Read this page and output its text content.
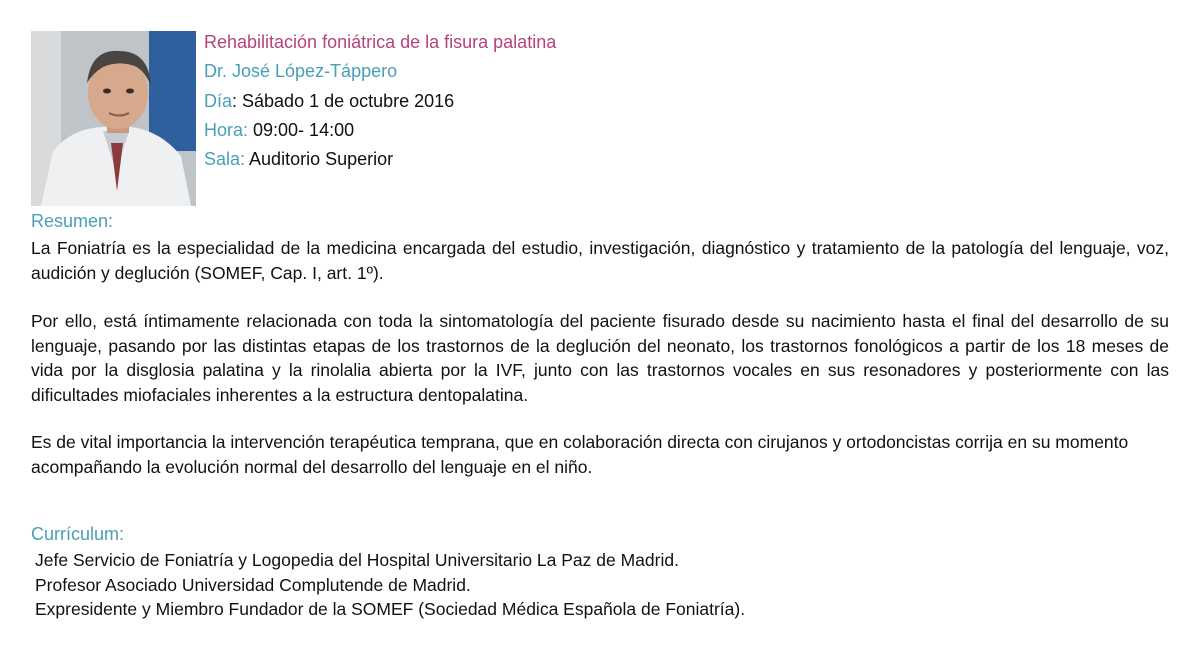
Rehabilitación foniátrica de la fisura palatina
Dr. José López-Táppero
Día: Sábado 1 de octubre 2016
Hora: 09:00- 14:00
Sala: Auditorio Superior
Resumen:
La Foniatría es la especialidad de la medicina encargada del estudio, investigación, diagnóstico y tratamiento de la patología del lenguaje, voz, audición y deglución (SOMEF, Cap. I, art. 1º).
Por ello, está íntimamente relacionada con toda la sintomatología del paciente fisurado desde su nacimiento hasta el final del desarrollo de su lenguaje, pasando por las distintas etapas de los trastornos de la deglución del neonato, los trastornos fonológicos a partir de los 18 meses de vida por la disglosia palatina y la rinolalia abierta por la IVF, junto con las trastornos vocales en sus resonadores y posteriormente con las dificultades miofaciales inherentes a la estructura dentopalatina.
Es de vital importancia la intervención terapéutica temprana, que en colaboración directa con cirujanos y ortodoncistas corrija en su momento acompañando la evolución normal del desarrollo del lenguaje en el niño.
Currículum:
Jefe Servicio de Foniatría y Logopedia del Hospital Universitario La Paz de Madrid.
Profesor Asociado Universidad Complutende de Madrid.
Expresidente y Miembro Fundador de la SOMEF (Sociedad Médica Española de Foniatría).
